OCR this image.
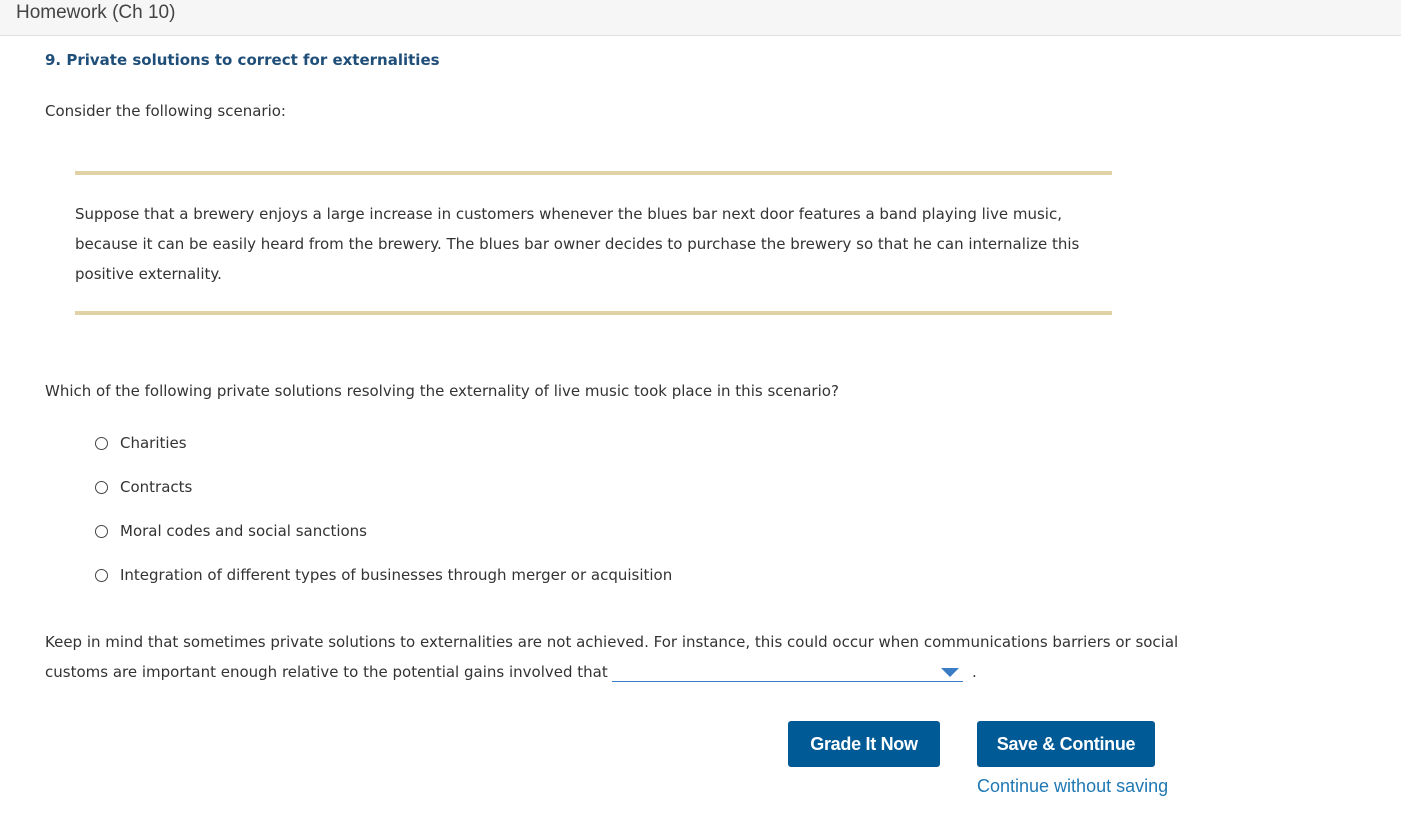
Homework (Ch 10)
9. Private solutions to correct for externalities
Consider the following scenario:
Suppose that a brewery enjoys a large increase in customers whenever the blues bar next door features a band playing live music,
because it can be easily heard from the brewery. The blues bar owner decides to purchase the brewery so that he can internalize this
positive externality.
Which of the following private solutions resolving the externality of live music took place in this scenario?
Charities
Contracts
Moral codes and social sanctions
Integration of different types of businesses through merger or acquisition
Keep in mind that sometimes private solutions to externalities are not achieved. For instance, this could occur when communications barriers or social
customs are important enough relative to the potential gains involved that	.
Grade It Now	Save & Continue
Continue without saving
